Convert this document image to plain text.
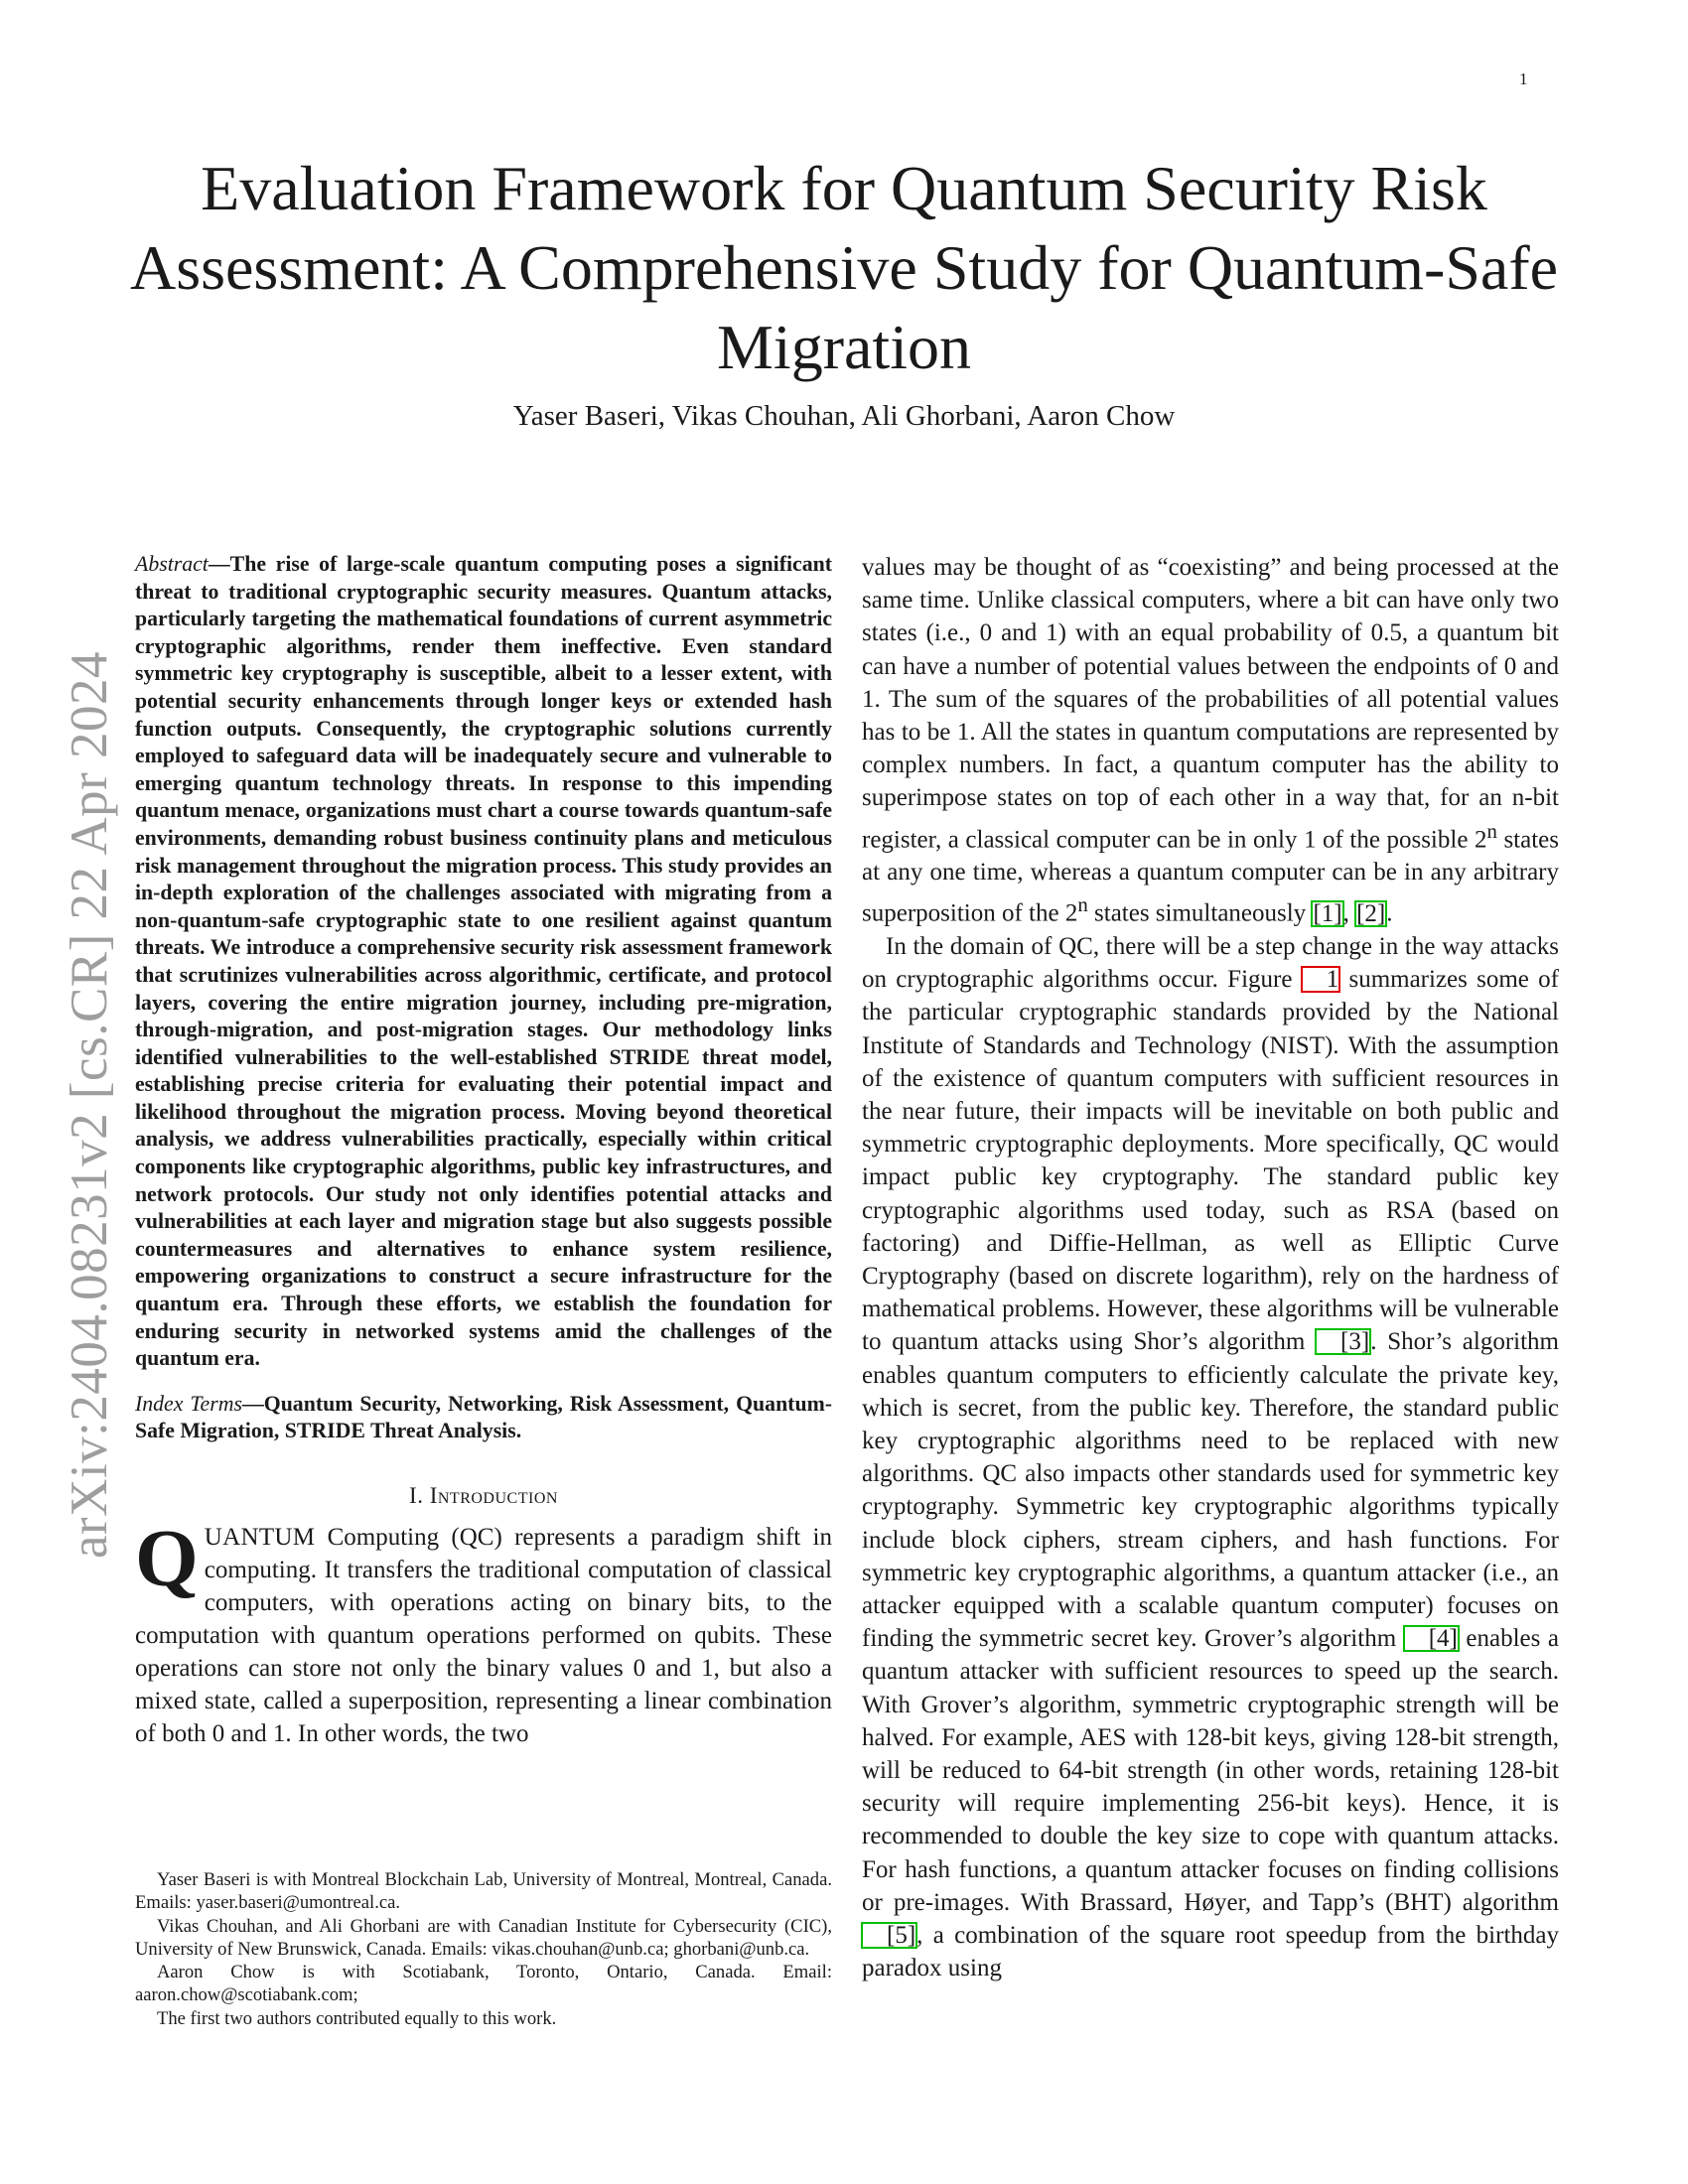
1
arXiv:2404.08231v2 [cs.CR] 22 Apr 2024
Evaluation Framework for Quantum Security Risk Assessment: A Comprehensive Study for Quantum-Safe Migration
Yaser Baseri, Vikas Chouhan, Ali Ghorbani, Aaron Chow

Abstract—The rise of large-scale quantum computing poses a significant threat to traditional cryptographic security measures. Quantum attacks, particularly targeting the mathematical foundations of current asymmetric cryptographic algorithms, render them ineffective. Even standard symmetric key cryptography is susceptible, albeit to a lesser extent, with potential security enhancements through longer keys or extended hash function outputs. Consequently, the cryptographic solutions currently employed to safeguard data will be inadequately secure and vulnerable to emerging quantum technology threats. In response to this impending quantum menace, organizations must chart a course towards quantum-safe environments, demanding robust business continuity plans and meticulous risk management throughout the migration process. This study provides an in-depth exploration of the challenges associated with migrating from a non-quantum-safe cryptographic state to one resilient against quantum threats. We introduce a comprehensive security risk assessment framework that scrutinizes vulnerabilities across algorithmic, certificate, and protocol layers, covering the entire migration journey, including pre-migration, through-migration, and post-migration stages. Our methodology links identified vulnerabilities to the well-established STRIDE threat model, establishing precise criteria for evaluating their potential impact and likelihood throughout the migration process. Moving beyond theoretical analysis, we address vulnerabilities practically, especially within critical components like cryptographic algorithms, public key infrastructures, and network protocols. Our study not only identifies potential attacks and vulnerabilities at each layer and migration stage but also suggests possible countermeasures and alternatives to enhance system resilience, empowering organizations to construct a secure infrastructure for the quantum era. Through these efforts, we establish the foundation for enduring security in networked systems amid the challenges of the quantum era.

Index Terms—Quantum Security, Networking, Risk Assessment, Quantum-Safe Migration, STRIDE Threat Analysis.

I. Introduction

QUANTUM Computing (QC) represents a paradigm shift in computing. It transfers the traditional computation of classical computers, with operations acting on binary bits, to the computation with quantum operations performed on qubits. These operations can store not only the binary values 0 and 1, but also a mixed state, called a superposition, representing a linear combination of both 0 and 1. In other words, the two

Yaser Baseri is with Montreal Blockchain Lab, University of Montreal, Montreal, Canada. Emails: yaser.baseri@umontreal.ca.

Vikas Chouhan, and Ali Ghorbani are with Canadian Institute for Cybersecurity (CIC), University of New Brunswick, Canada. Emails: vikas.chouhan@unb.ca; ghorbani@unb.ca.

Aaron Chow is with Scotiabank, Toronto, Ontario, Canada. Email: aaron.chow@scotiabank.com;

The first two authors contributed equally to this work.

values may be thought of as “coexisting” and being processed at the same time. Unlike classical computers, where a bit can have only two states (i.e., 0 and 1) with an equal probability of 0.5, a quantum bit can have a number of potential values between the endpoints of 0 and 1. The sum of the squares of the probabilities of all potential values has to be 1. All the states in quantum computations are represented by complex numbers. In fact, a quantum computer has the ability to superimpose states on top of each other in a way that, for an n-bit register, a classical computer can be in only 1 of the possible 2$^n$ states at any one time, whereas a quantum computer can be in any arbitrary superposition of the 2$^n$ states simultaneously [1], [2].

In the domain of QC, there will be a step change in the way attacks on cryptographic algorithms occur. Figure 1 summarizes some of the particular cryptographic standards provided by the National Institute of Standards and Technology (NIST). With the assumption of the existence of quantum computers with sufficient resources in the near future, their impacts will be inevitable on both public and symmetric cryptographic deployments. More specifically, QC would impact public key cryptography. The standard public key cryptographic algorithms used today, such as RSA (based on factoring) and Diffie-Hellman, as well as Elliptic Curve Cryptography (based on discrete logarithm), rely on the hardness of mathematical problems. However, these algorithms will be vulnerable to quantum attacks using Shor’s algorithm [3]. Shor’s algorithm enables quantum computers to efficiently calculate the private key, which is secret, from the public key. Therefore, the standard public key cryptographic algorithms need to be replaced with new algorithms. QC also impacts other standards used for symmetric key cryptography. Symmetric key cryptographic algorithms typically include block ciphers, stream ciphers, and hash functions. For symmetric key cryptographic algorithms, a quantum attacker (i.e., an attacker equipped with a scalable quantum computer) focuses on finding the symmetric secret key. Grover’s algorithm [4] enables a quantum attacker with sufficient resources to speed up the search. With Grover’s algorithm, symmetric cryptographic strength will be halved. For example, AES with 128-bit keys, giving 128-bit strength, will be reduced to 64-bit strength (in other words, retaining 128-bit security will require implementing 256-bit keys). Hence, it is recommended to double the key size to cope with quantum attacks. For hash functions, a quantum attacker focuses on finding collisions or pre-images. With Brassard, Høyer, and Tapp’s (BHT) algorithm [5], a combination of the square root speedup from the birthday paradox using
